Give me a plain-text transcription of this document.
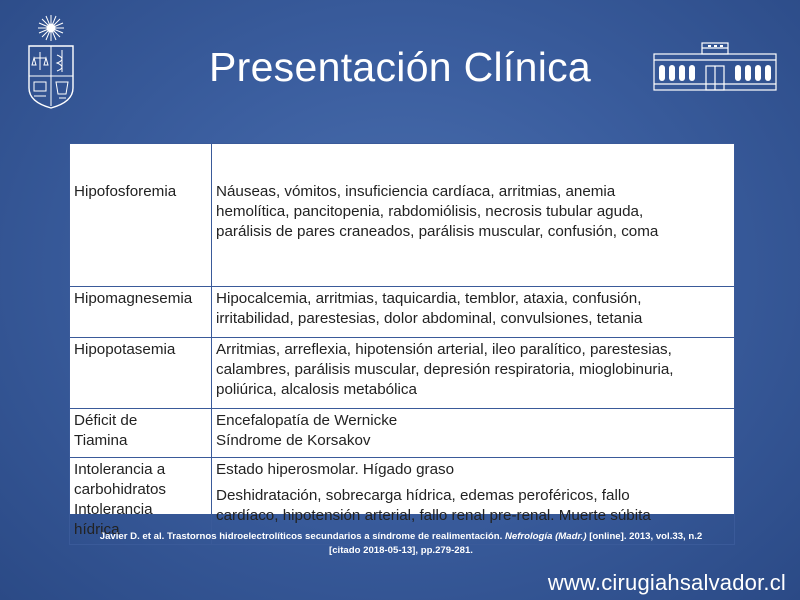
Presentación Clínica
Hipofosforemia	Náuseas, vómitos, insuficiencia cardíaca, arritmias, anemia
hemolítica, pancitopenia, rabdomiólisis, necrosis tubular aguda,
parálisis de pares craneados, parálisis muscular, confusión, coma

Hipomagnesemia	Hipocalcemia, arritmias, taquicardia, temblor, ataxia, confusión,
irritabilidad, parestesias, dolor abdominal, convulsiones, tetania

Hipopotasemia	Arritmias, arreflexia, hipotensión arterial, ileo paralítico, parestesias,
calambres, parálisis muscular, depresión respiratoria, mioglobinuria,
poliúrica, alcalosis metabólica

Déficit de
Tiamina	Encefalopatía de Wernicke
Síndrome de Korsakov

Intolerancia a
carbohidratos
Intolerancia
hídrica	Estado hiperosmolar. Hígado graso
Deshidratación, sobrecarga hídrica, edemas peroféricos, fallo
cardíaco, hipotensión arterial, fallo renal pre-renal. Muerte súbita
Javier D. et al. Trastornos hidroelectrolíticos secundarios a síndrome de realimentación. Nefrología (Madr.) [online]. 2013, vol.33, n.2
[citado 2018-05-13], pp.279-281.
www.cirugiahsalvador.cl
